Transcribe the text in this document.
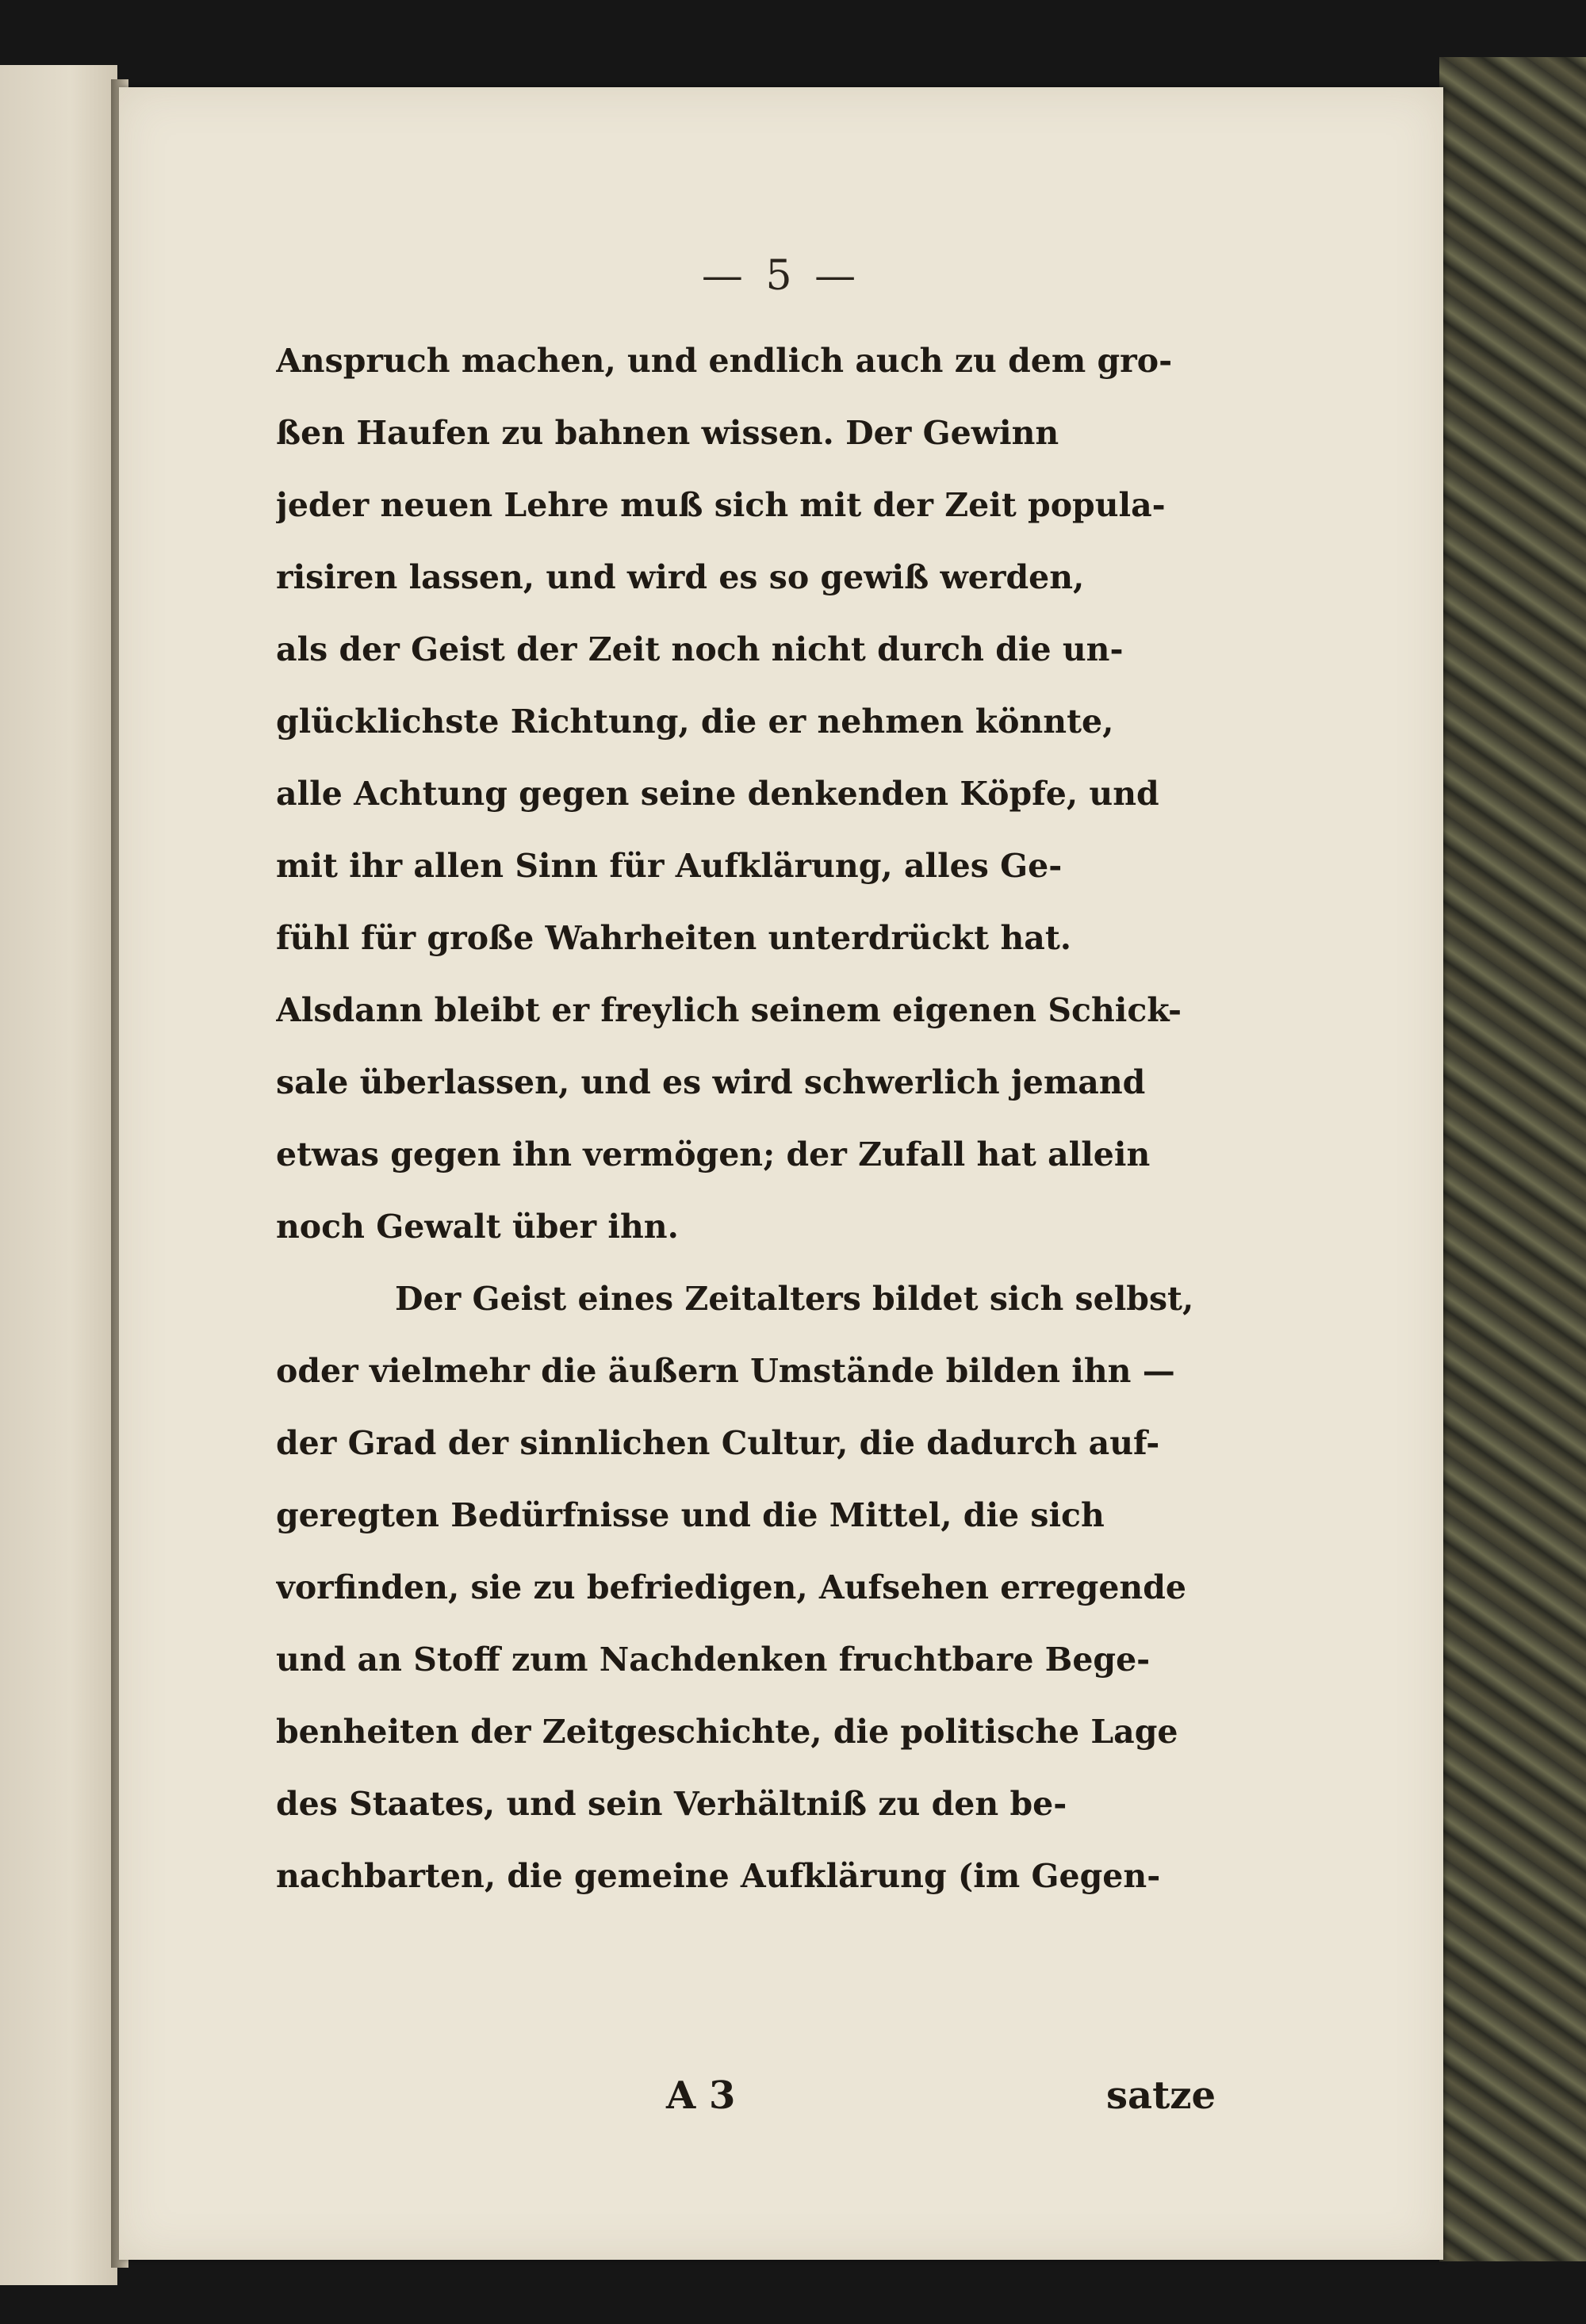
— 5 —
Anspruch machen, und endlich auch zu dem gro-
ßen Haufen zu bahnen wissen. Der Gewinn
jeder neuen Lehre muß sich mit der Zeit popula-
risiren lassen, und wird es so gewiß werden,
als der Geist der Zeit noch nicht durch die un-
glücklichste Richtung, die er nehmen könnte,
alle Achtung gegen seine denkenden Köpfe, und
mit ihr allen Sinn für Aufklärung, alles Ge-
fühl für große Wahrheiten unterdrückt hat.
Alsdann bleibt er freylich seinem eigenen Schick-
sale überlassen, und es wird schwerlich jemand
etwas gegen ihn vermögen; der Zufall hat allein
noch Gewalt über ihn.
Der Geist eines Zeitalters bildet sich selbst,
oder vielmehr die äußern Umstände bilden ihn —
der Grad der sinnlichen Cultur, die dadurch auf-
geregten Bedürfnisse und die Mittel, die sich
vorfinden, sie zu befriedigen, Aufsehen erregende
und an Stoff zum Nachdenken fruchtbare Bege-
benheiten der Zeitgeschichte, die politische Lage
des Staates, und sein Verhältniß zu den be-
nachbarten, die gemeine Aufklärung (im Gegen-
A 3	satze
